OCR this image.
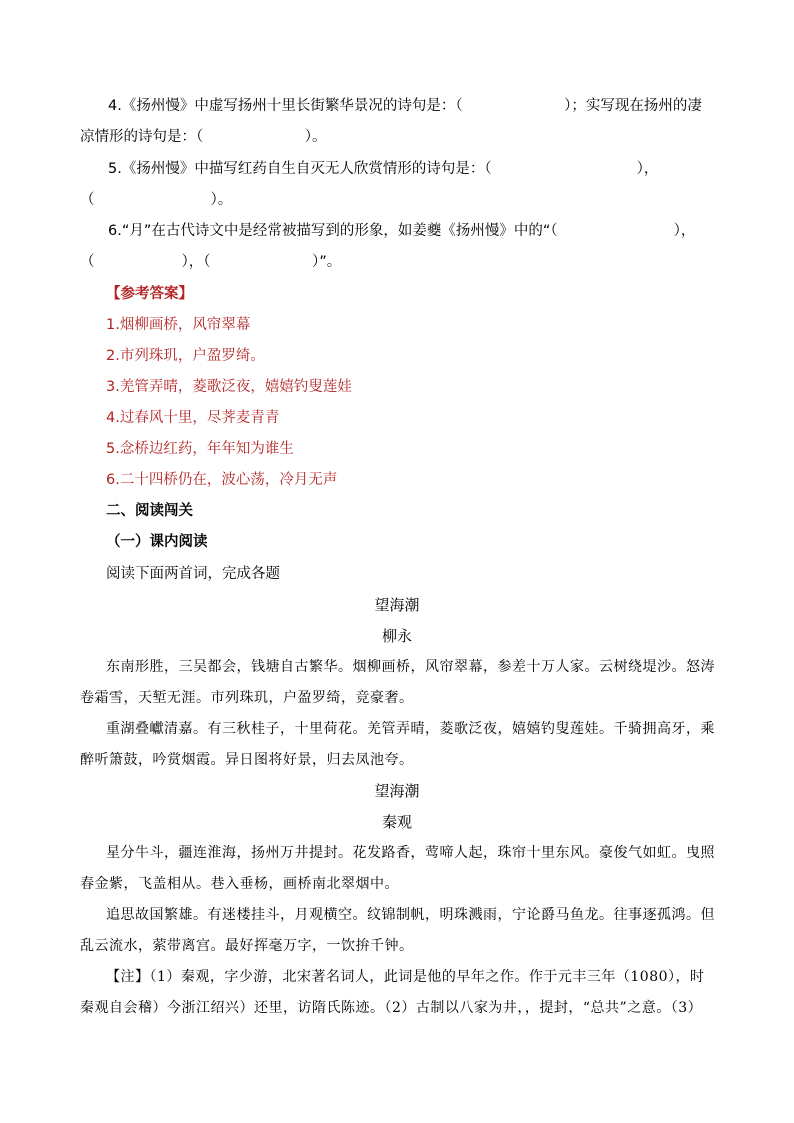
4.《扬州慢》中虚写扬州十里长街繁华景况的诗句是：（　　　　　　　）；实写现在扬州的凄
凉情形的诗句是：（　　　　　　　）。
5.《扬州慢》中描写红药自生自灭无人欣赏情形的诗句是：（　　　　　　　　　　），
（　　　　　　　　）。
6.“月”在古代诗文中是经常被描写到的形象，如姜夔《扬州慢》中的“（　　　　　　　　），
（　　　　　　），（　　　　　　　）”。
【参考答案】
1.烟柳画桥，风帘翠幕
2.市列珠玑，户盈罗绮。
3.羌管弄晴，菱歌泛夜，嬉嬉钓叟莲娃
4.过春风十里，尽荠麦青青
5.念桥边红药，年年知为谁生
6.二十四桥仍在，波心荡，冷月无声
二、阅读闯关
（一）课内阅读
阅读下面两首词，完成各题
望海潮
柳永
东南形胜，三吴都会，钱塘自古繁华。烟柳画桥，风帘翠幕，参差十万人家。云树绕堤沙。怒涛
卷霜雪，天堑无涯。市列珠玑，户盈罗绮，竞豪奢。
重湖叠巘清嘉。有三秋桂子，十里荷花。羌管弄晴，菱歌泛夜，嬉嬉钓叟莲娃。千骑拥高牙，乘
醉听箫鼓，吟赏烟霞。异日图将好景，归去凤池夸。
望海潮
秦观
星分牛斗，疆连淮海，扬州万井提封。花发路香，莺啼人起，珠帘十里东风。豪俊气如虹。曳照
春金紫，飞盖相从。巷入垂杨，画桥南北翠烟中。
追思故国繁雄。有迷楼挂斗，月观横空。纹锦制帆，明珠溅雨，宁论爵马鱼龙。往事逐孤鸿。但
乱云流水，萦带离宫。最好挥毫万字，一饮拚千钟。
【注】（1）秦观，字少游，北宋著名词人，此词是他的早年之作。作于元丰三年（1080），时
秦观自会稽）今浙江绍兴）还里，访隋氏陈迹。（2）古制以八家为井，，提封，“总共”之意。（3）
